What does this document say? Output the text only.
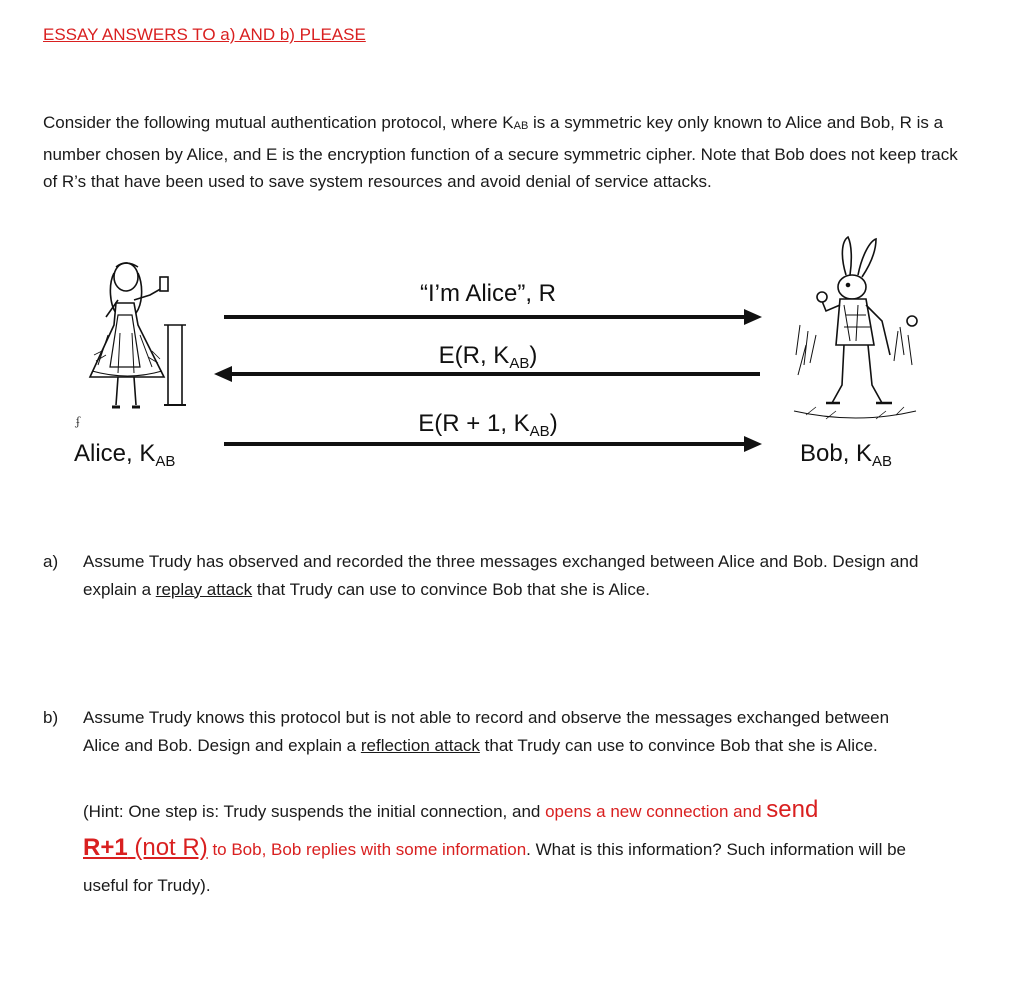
ESSAY ANSWERS TO a) AND b) PLEASE

Consider the following mutual authentication protocol, where $K_{AB}$ is a symmetric key only known to Alice and Bob, R is a number chosen by Alice, and E is the encryption function of a secure symmetric cipher. Note that Bob does not keep track of R’s that have been used to save system resources and avoid denial of service attacks.

ʄ
Alice, $K_{AB}$	Bob, $K_{AB}$
“I’m Alice”, R
E(R, $K_{AB}$)
E(R + 1, $K_{AB}$)
a) Assume Trudy has observed and recorded the three messages exchanged between Alice and Bob. Design and explain a replay attack that Trudy can use to convince Bob that she is Alice.
b) Assume Trudy knows this protocol but is not able to record and observe the messages exchanged between Alice and Bob. Design and explain a reflection attack that Trudy can use to convince Bob that she is Alice.
(Hint: One step is: Trudy suspends the initial connection, and opens a new connection and send
R+1 (not R) to Bob, Bob replies with some information. What is this information? Such information will be useful for Trudy).
